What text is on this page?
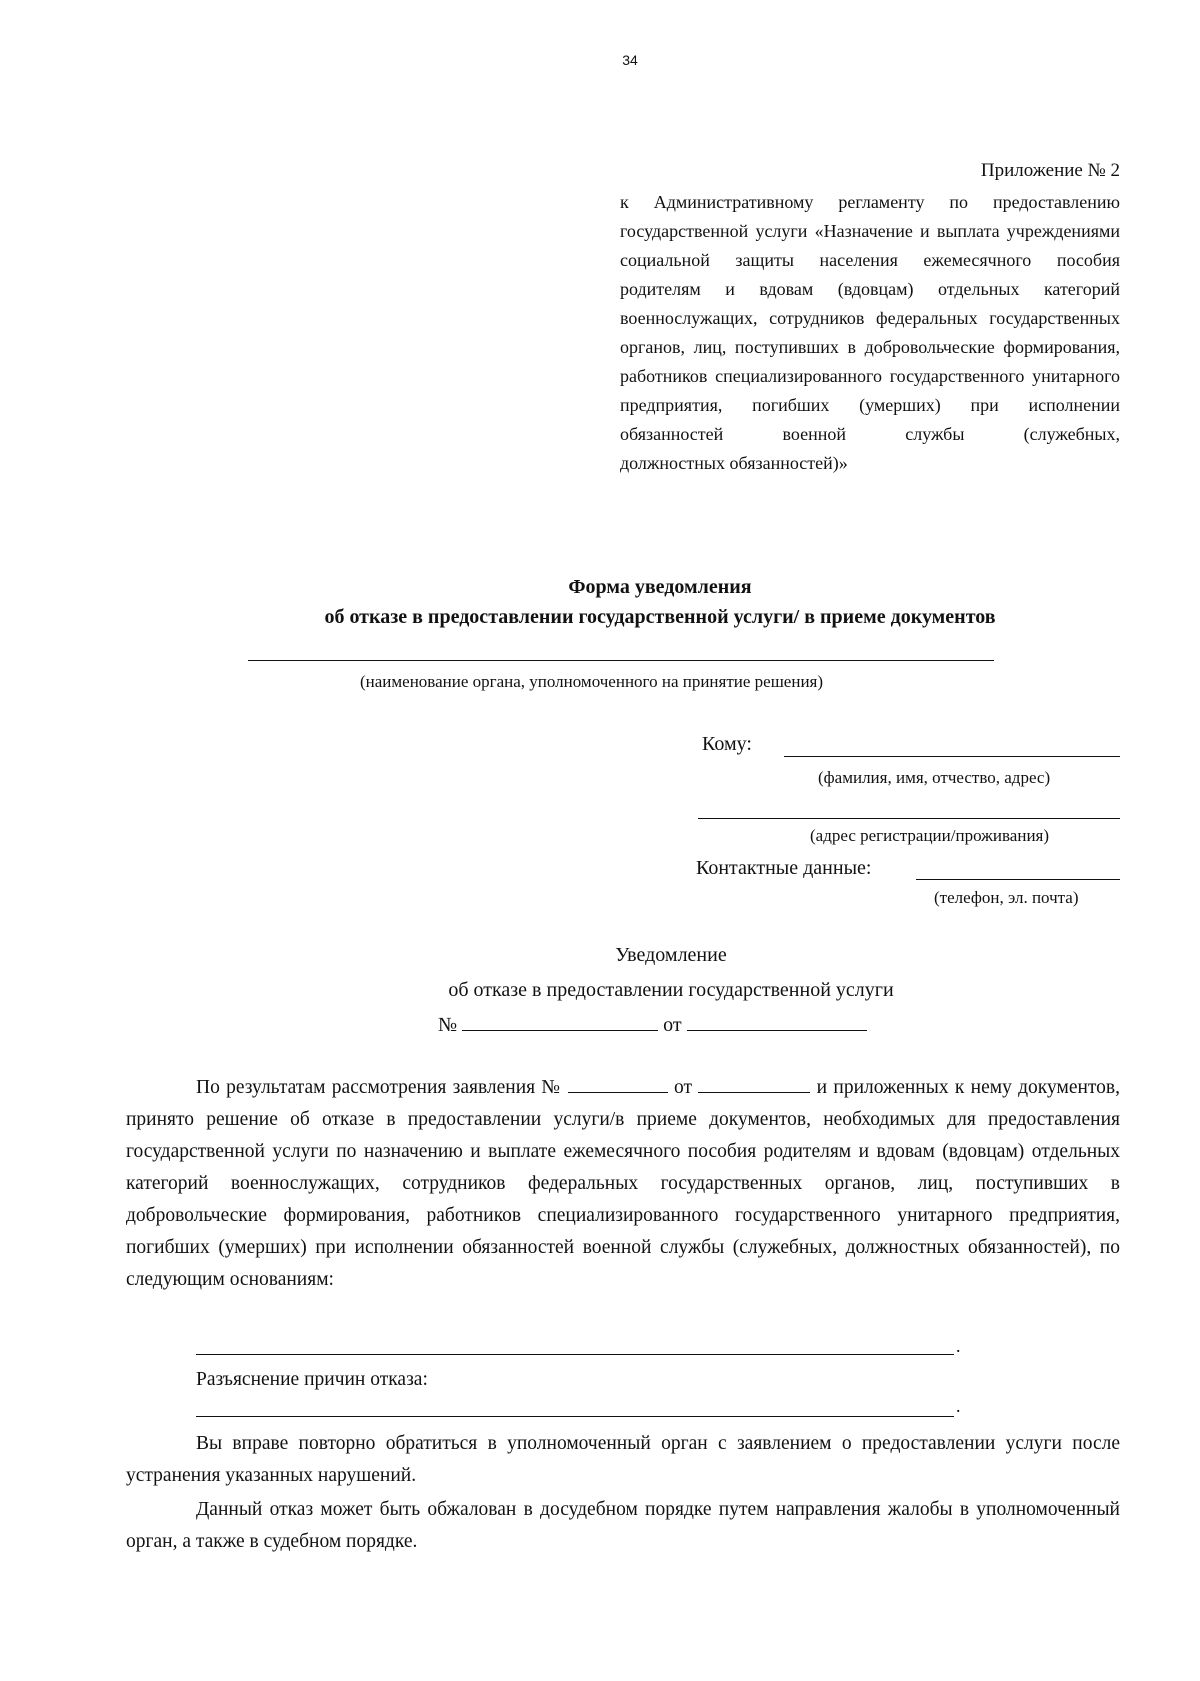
34
Приложение № 2
к Административному регламенту по предоставлению государственной услуги «Назначение и выплата учреждениями социальной защиты населения ежемесячного пособия родителям и вдовам (вдовцам) отдельных категорий военнослужащих, сотрудников федеральных государственных органов, лиц, поступивших в добровольческие формирования, работников специализированного государственного унитарного предприятия, погибших (умерших) при исполнении обязанностей военной службы (служебных,
должностных обязанностей)»
Форма уведомления
об отказе в предоставлении государственной услуги/ в приеме документов
(наименование органа, уполномоченного на принятие решения)
Кому:
(фамилия, имя, отчество, адрес)
(адрес регистрации/проживания)
Контактные данные:
(телефон, эл. почта)
Уведомление
об отказе в предоставлении государственной услуги
№	от
По результатам рассмотрения заявления №	от	и приложенных к нему документов, принято решение об отказе в предоставлении услуги/в приеме документов, необходимых для предоставления государственной услуги по назначению и выплате ежемесячного пособия родителям и вдовам (вдовцам) отдельных категорий военнослужащих, сотрудников федеральных государственных органов, лиц, поступивших в добровольческие формирования, работников специализированного государственного унитарного предприятия, погибших (умерших) при исполнении обязанностей военной службы (служебных, должностных обязанностей), по следующим основаниям:
.
Разъяснение причин отказа:
.
Вы вправе повторно обратиться в уполномоченный орган с заявлением о предоставлении услуги после устранения указанных нарушений.
Данный отказ может быть обжалован в досудебном порядке путем направления жалобы в уполномоченный орган, а также в судебном порядке.
